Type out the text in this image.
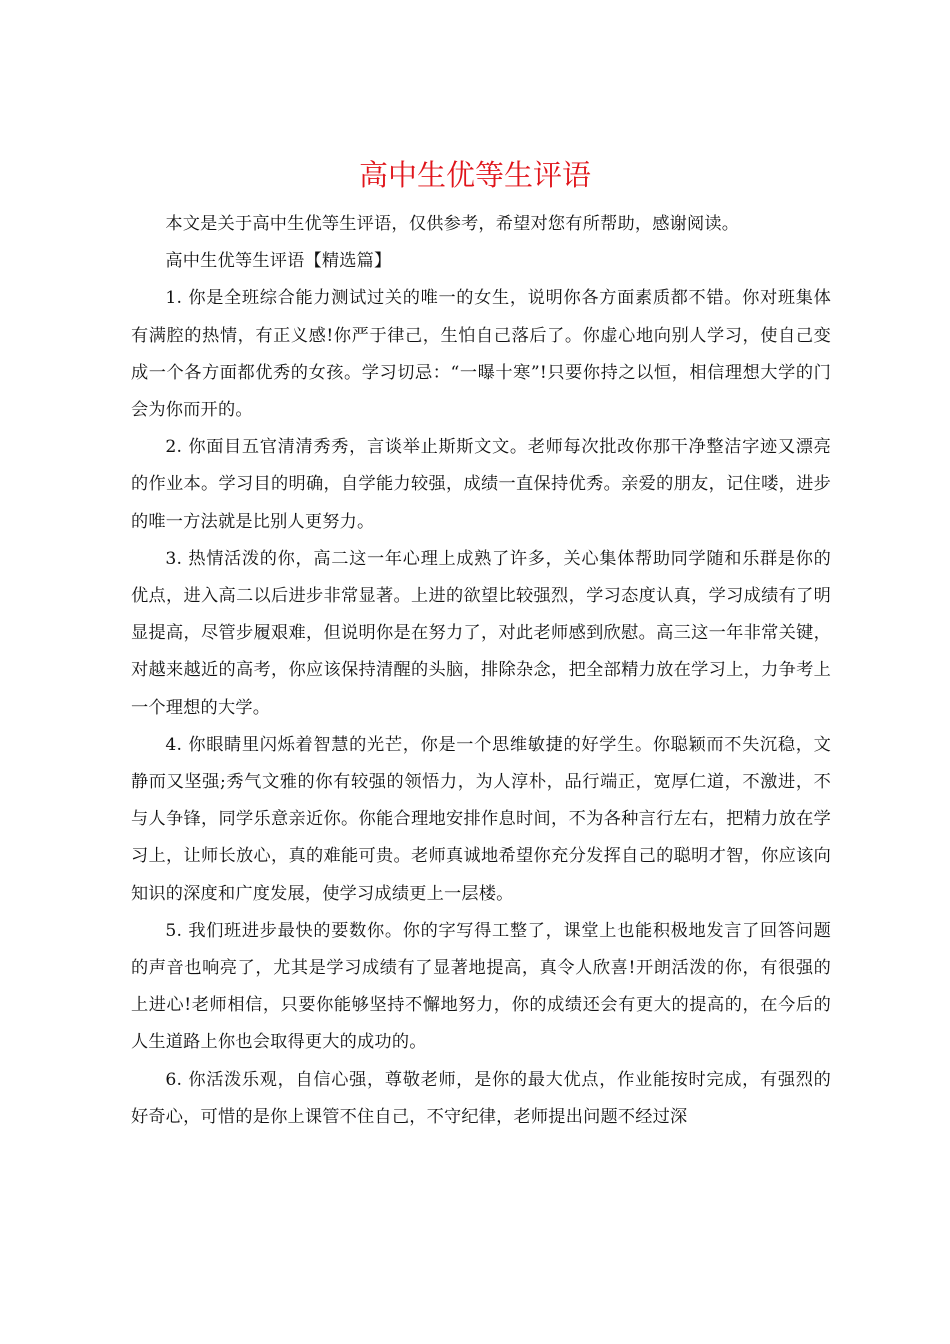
高中生优等生评语

本文是关于高中生优等生评语，仅供参考，希望对您有所帮助，感谢阅读。

高中生优等生评语【精选篇】

1. 你是全班综合能力测试过关的唯一的女生，说明你各方面素质都不错。你对班集体有满腔的热情，有正义感!你严于律己，生怕自己落后了。你虚心地向别人学习，使自己变成一个各方面都优秀的女孩。学习切忌：“一曝十寒”!只要你持之以恒，相信理想大学的门会为你而开的。

2. 你面目五官清清秀秀，言谈举止斯斯文文。老师每次批改你那干净整洁字迹又漂亮的作业本。学习目的明确，自学能力较强，成绩一直保持优秀。亲爱的朋友，记住喽，进步的唯一方法就是比别人更努力。

3. 热情活泼的你，高二这一年心理上成熟了许多，关心集体帮助同学随和乐群是你的优点，进入高二以后进步非常显著。上进的欲望比较强烈，学习态度认真，学习成绩有了明显提高，尽管步履艰难，但说明你是在努力了，对此老师感到欣慰。高三这一年非常关键，对越来越近的高考，你应该保持清醒的头脑，排除杂念，把全部精力放在学习上，力争考上一个理想的大学。

4. 你眼睛里闪烁着智慧的光芒，你是一个思维敏捷的好学生。你聪颖而不失沉稳，文静而又坚强;秀气文雅的你有较强的领悟力，为人淳朴，品行端正，宽厚仁道，不激进，不与人争锋，同学乐意亲近你。你能合理地安排作息时间，不为各种言行左右，把精力放在学习上，让师长放心，真的难能可贵。老师真诚地希望你充分发挥自己的聪明才智，你应该向知识的深度和广度发展，使学习成绩更上一层楼。

5. 我们班进步最快的要数你。你的字写得工整了，课堂上也能积极地发言了回答问题的声音也响亮了，尤其是学习成绩有了显著地提高，真令人欣喜!开朗活泼的你，有很强的上进心!老师相信，只要你能够坚持不懈地努力，你的成绩还会有更大的提高的，在今后的人生道路上你也会取得更大的成功的。

6. 你活泼乐观，自信心强，尊敬老师，是你的最大优点，作业能按时完成，有强烈的好奇心，可惜的是你上课管不住自己，不守纪律，老师提出问题不经过深
